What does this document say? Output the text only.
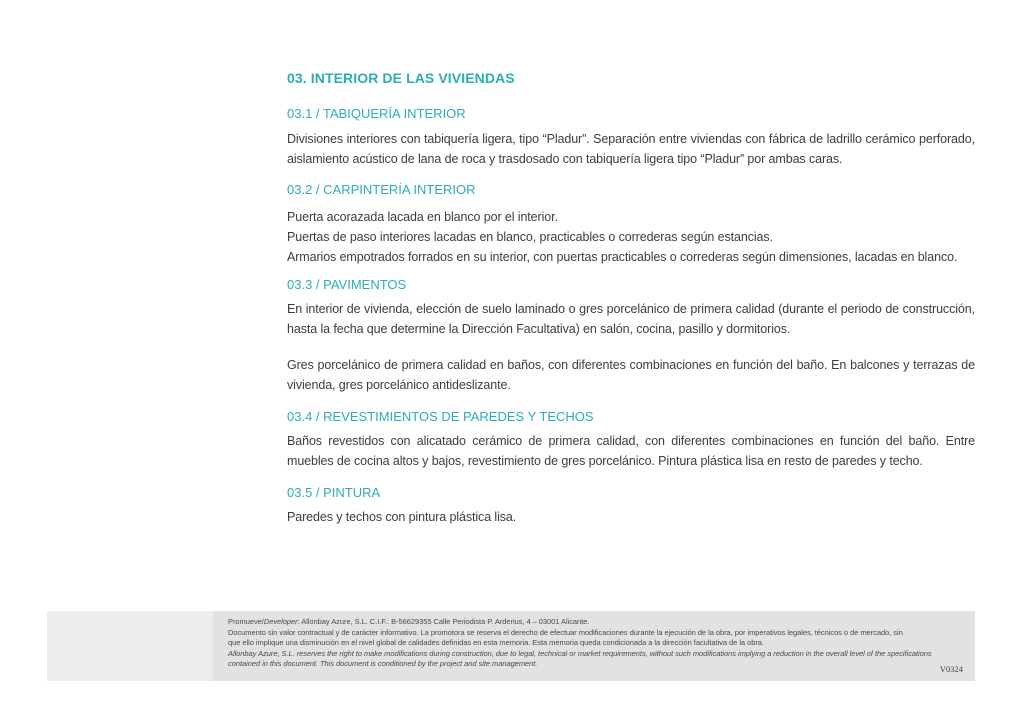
03. INTERIOR DE LAS VIVIENDAS
03.1 / TABIQUERÍA INTERIOR

Divisiones interiores con tabiquería ligera, tipo “Pladur”. Separación entre viviendas con fábrica de ladrillo cerámico perforado, aislamiento acústico de lana de roca y trasdosado con tabiquería ligera tipo “Pladur” por ambas caras.

03.2 / CARPINTERÍA INTERIOR
Puerta acorazada lacada en blanco por el interior.
Puertas de paso interiores lacadas en blanco, practicables o correderas según estancias.
Armarios empotrados forrados en su interior, con puertas practicables o correderas según dimensiones, lacadas en blanco.
03.3 / PAVIMENTOS

En interior de vivienda, elección de suelo laminado o gres porcelánico de primera calidad (durante el periodo de construcción, hasta la fecha que determine la Dirección Facultativa) en salón, cocina, pasillo y dormitorios.

Gres porcelánico de primera calidad en baños, con diferentes combinaciones en función del baño. En balcones y terrazas de vivienda, gres porcelánico antideslizante.

03.4 / REVESTIMIENTOS DE PAREDES Y TECHOS

Baños revestidos con alicatado cerámico de primera calidad, con diferentes combinaciones en función del baño. Entre muebles de cocina altos y bajos, revestimiento de gres porcelánico. Pintura plástica lisa en resto de paredes y techo.

03.5 / PINTURA

Paredes y techos con pintura plástica lisa.

Promueve/Developer: Allonbay Azure, S.L. C.I.F.: B-56629355 Calle Periodista P. Arderius, 4 – 03001 Alicante.
Documento sin valor contractual y de carácter informativo. La promotora se reserva el derecho de efectuar modificaciones durante la ejecución de la obra, por imperativos legales, técnicos o de mercado, sin
que ello implique una disminución en el nivel global de calidades definidas en esta memoria. Esta memoria queda condicionada a la dirección facultativa de la obra.
Allonbay Azure, S.L. reserves the right to make modifications during construction, due to legal, technical or market requirements, without such modifications implying a reduction in the overall level of the specifications
contained in this document. This document is conditioned by the project and site management.
V0324
